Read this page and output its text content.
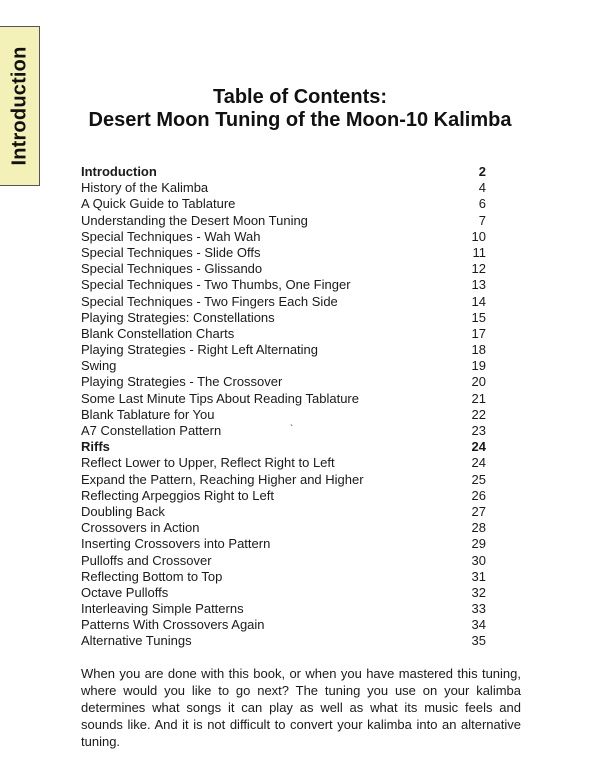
Introduction	Table of Contents:
Desert Moon Tuning of the Moon-10 Kalimba
Introduction	2
History of the Kalimba	4
A Quick Guide to Tablature	6
Understanding the Desert Moon Tuning	7
Special Techniques - Wah Wah	10
Special Techniques - Slide Offs	11
Special Techniques - Glissando	12
Special Techniques - Two Thumbs, One Finger	13
Special Techniques - Two Fingers Each Side	14
Playing Strategies: Constellations	15
Blank Constellation Charts	17
Playing Strategies - Right Left Alternating	18
Swing	19
Playing Strategies - The Crossover	20
Some Last Minute Tips About Reading Tablature	21
Blank Tablature for You	22
A7 Constellation Pattern	23
Riffs	24
Reflect Lower to Upper, Reflect Right to Left	24
Expand the Pattern, Reaching Higher and Higher	25
Reflecting Arpeggios Right to Left	26
Doubling Back	27
Crossovers in Action	28
Inserting Crossovers into Pattern	29
Pulloffs and Crossover	30
Reflecting Bottom to Top	31
Octave Pulloffs	32
Interleaving Simple Patterns	33
Patterns With Crossovers Again	34
Alternative Tunings	35
`

When you are done with this book, or when you have mastered this tuning, where would you like to go next? The tuning you use on your kalimba determines what songs it can play as well as what its music feels and sounds like. And it is not difficult to convert your kalimba into an alternative tuning.
